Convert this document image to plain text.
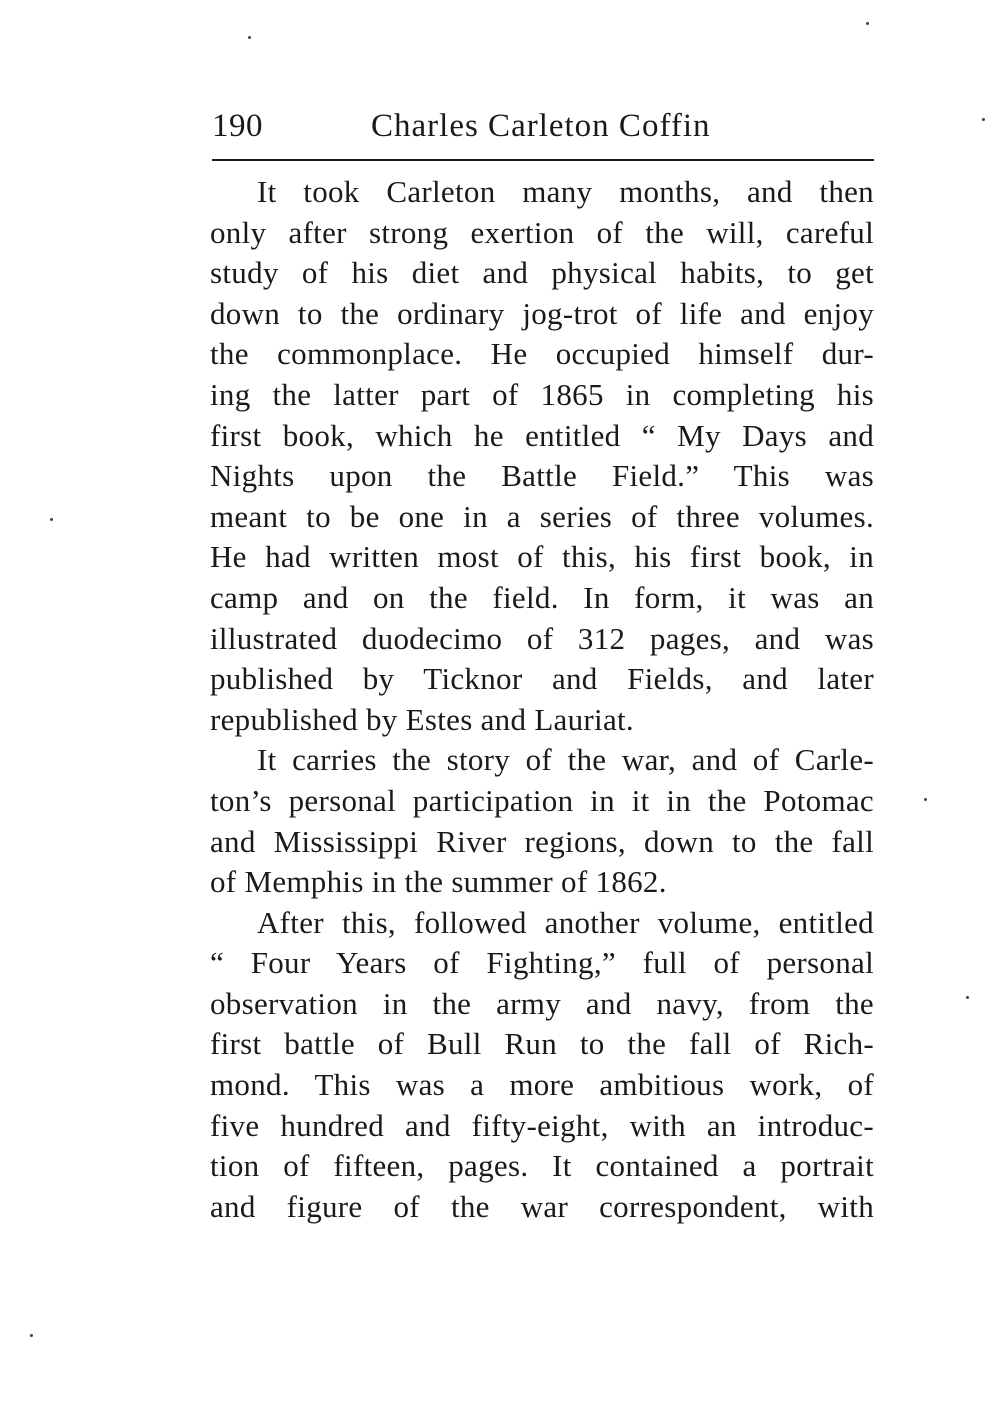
190	Charles Carleton Coffin
It took Carleton many months, and then
only after strong exertion of the will, careful
study of his diet and physical habits, to get
down to the ordinary jog-trot of life and enjoy
the commonplace. He occupied himself dur-
ing the latter part of 1865 in completing his
first book, which he entitled “ My Days and
Nights upon the Battle Field.” This was
meant to be one in a series of three volumes.
He had written most of this, his first book, in
camp and on the field. In form, it was an
illustrated duodecimo of 312 pages, and was
published by Ticknor and Fields, and later
republished by Estes and Lauriat.
It carries the story of the war, and of Carle-
ton’s personal participation in it in the Potomac
and Mississippi River regions, down to the fall
of Memphis in the summer of 1862.
After this, followed another volume, entitled
“ Four Years of Fighting,” full of personal
observation in the army and navy, from the
first battle of Bull Run to the fall of Rich-
mond. This was a more ambitious work, of
five hundred and fifty-eight, with an introduc-
tion of fifteen, pages. It contained a portrait
and figure of the war correspondent, with
